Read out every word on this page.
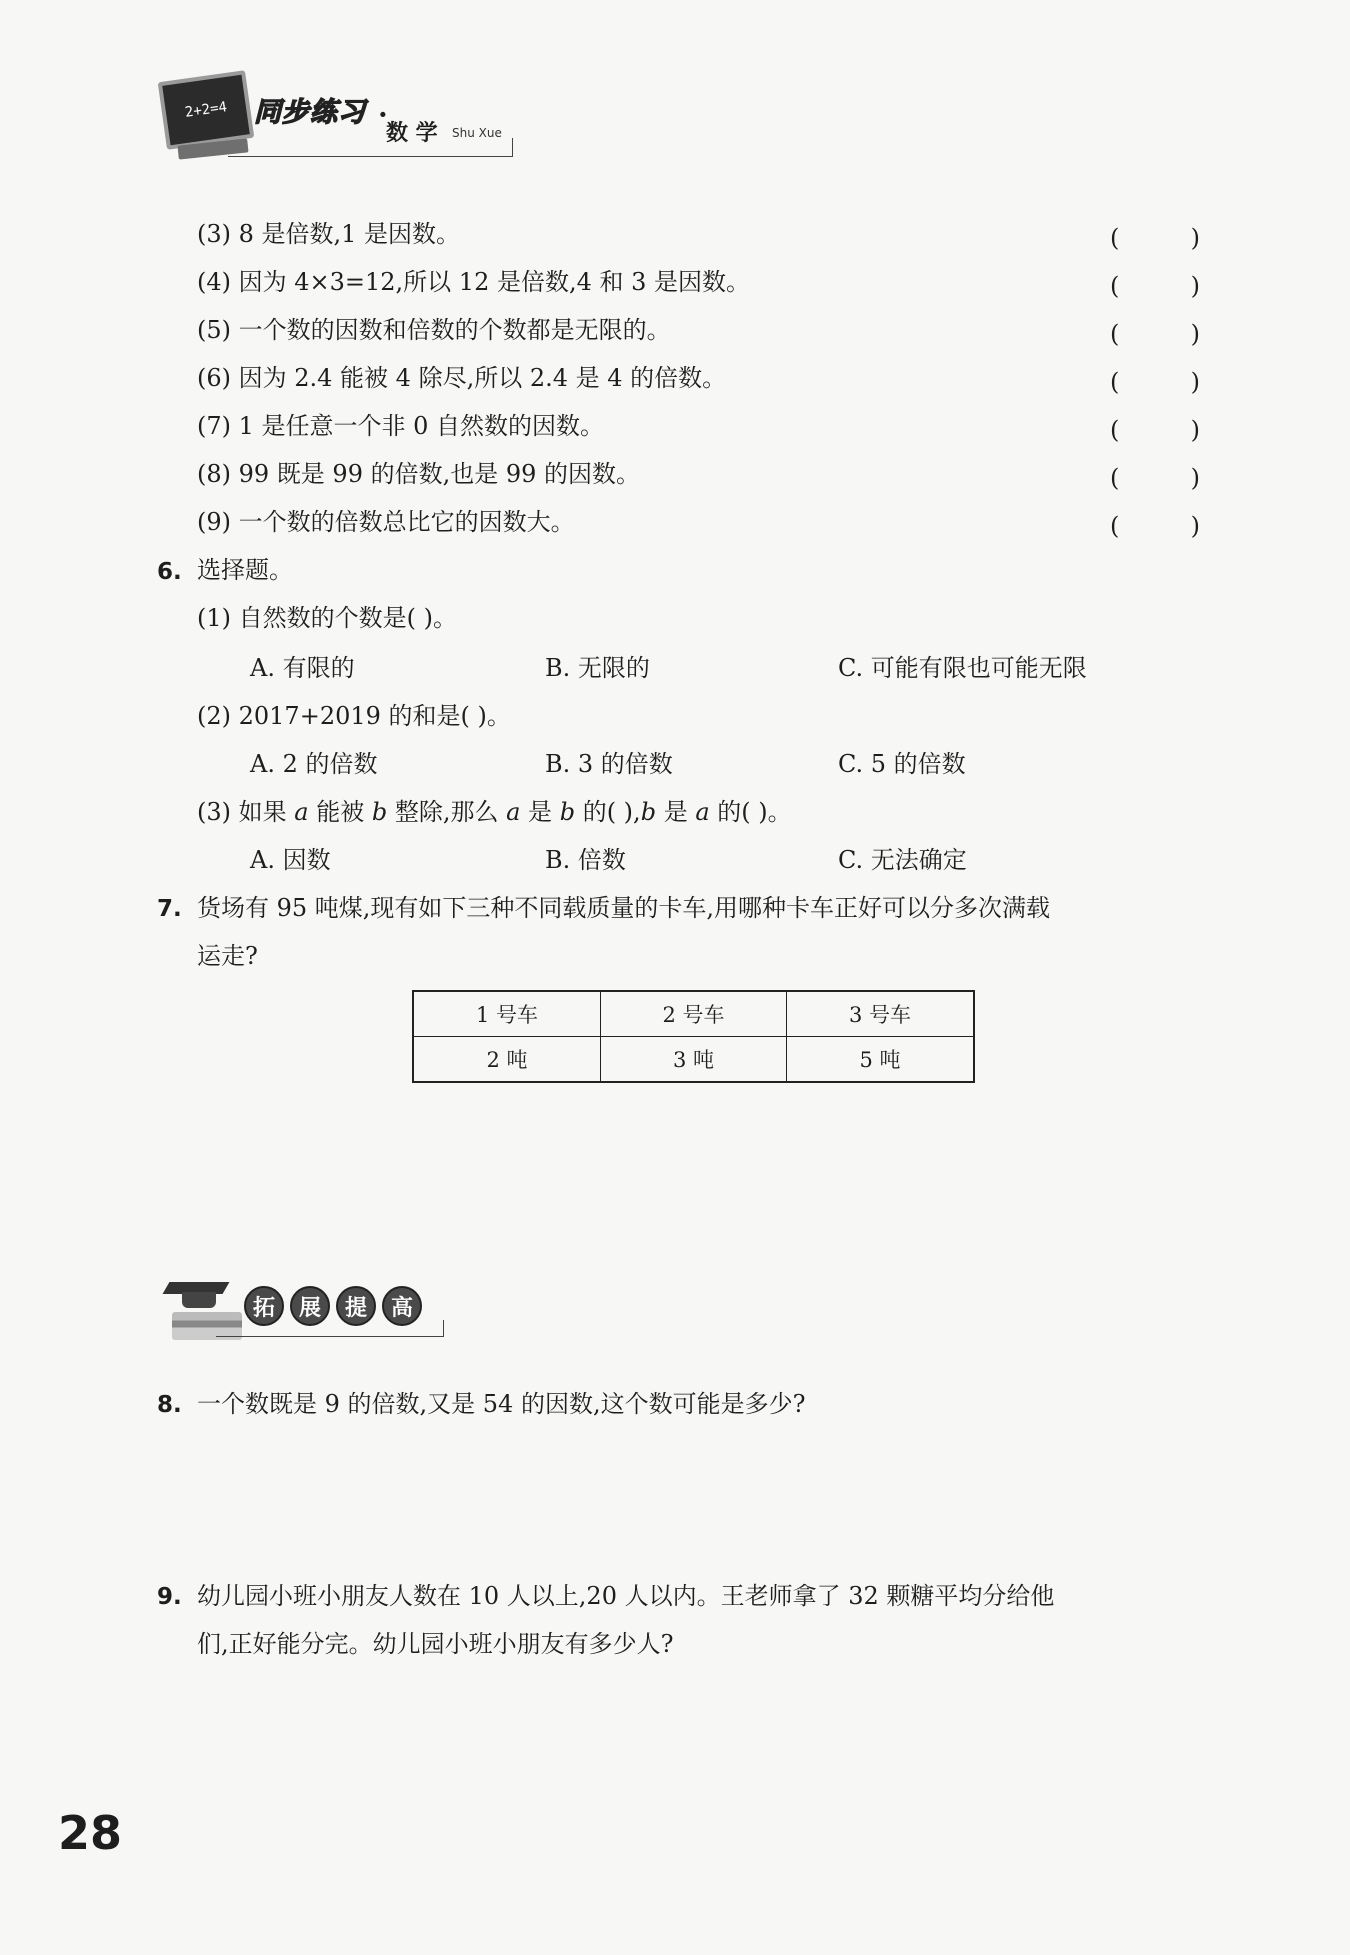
2+2=4 同步练习 ·
数 学 Shu Xue
(3) 8 是倍数,1 是因数。	(	)
(4) 因为 4×3=12,所以 12 是倍数,4 和 3 是因数。	(	)
(5) 一个数的因数和倍数的个数都是无限的。	(	)
(6) 因为 2.4 能被 4 除尽,所以 2.4 是 4 的倍数。	(	)
(7) 1 是任意一个非 0 自然数的因数。	(	)
(8) 99 既是 99 的倍数,也是 99 的因数。	(	)
(9) 一个数的倍数总比它的因数大。	(	)
6. 选择题。
(1) 自然数的个数是( )。
A. 有限的	B. 无限的	C. 可能有限也可能无限
(2) 2017+2019 的和是( )。
A. 2 的倍数	B. 3 的倍数	C. 5 的倍数
(3) 如果 a 能被 b 整除,那么 a 是 b 的( ),b 是 a 的( )。
A. 因数	B. 倍数	C. 无法确定
7. 货场有 95 吨煤,现有如下三种不同载质量的卡车,用哪种卡车正好可以分多次满载
运走?
1 号车	2 号车	3 号车
2 吨	3 吨	5 吨
拓	展	提	高
8. 一个数既是 9 的倍数,又是 54 的因数,这个数可能是多少?
9. 幼儿园小班小朋友人数在 10 人以上,20 人以内。王老师拿了 32 颗糖平均分给他
们,正好能分完。幼儿园小班小朋友有多少人?
28
